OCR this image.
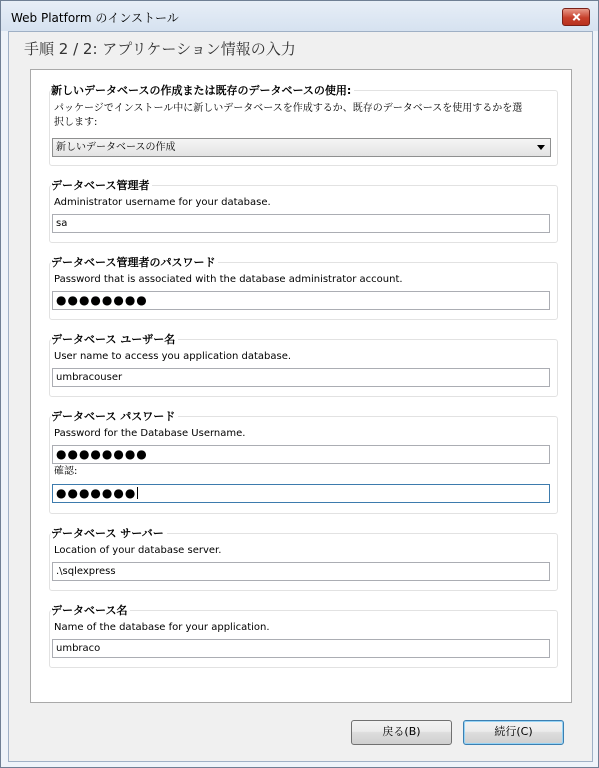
Web Platform のインストール
手順 2 / 2: アプリケーション情報の入力
新しいデータベースの作成または既存のデータベースの使用:
パッケージでインストール中に新しいデータベースを作成するか、既存のデータベースを使用するかを選
択します:
新しいデータベースの作成
データベース管理者
Administrator username for your database.
sa
データベース管理者のパスワード
Password that is associated with the database administrator account.
●●●●●●●●
データベース ユーザー名
User name to access you application database.
umbracouser
データベース パスワード
Password for the Database Username.
●●●●●●●●
確認:
●●●●●●●
データベース サーバー
Location of your database server.
.\sqlexpress
データベース名
Name of the database for your application.
umbraco
戻る(B)	続行(C)
